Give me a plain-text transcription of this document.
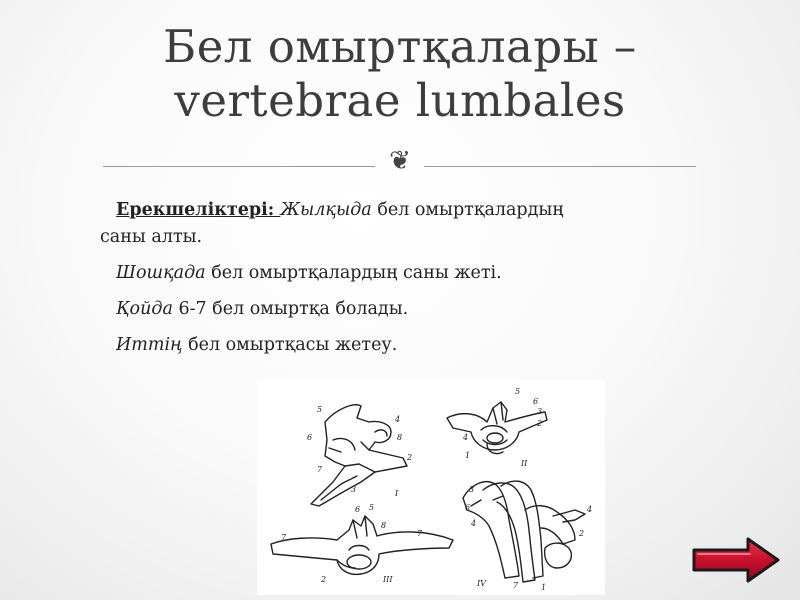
Бел омыртқалары –
vertebrae lumbales
❦
Ерекшеліктері: Жылқыда бел омыртқалардың
саны алты.
Шошқада бел омыртқалардың саны жеті.
Қойда 6-7 бел омыртқа болады.
Иттің бел омыртқасы жетеу.
I
II
III	IV
5
6
4
8
2
7
3
5
6
3
2
4
1
6 5
8
7
7
2
3
6
4
4
2
7	1
